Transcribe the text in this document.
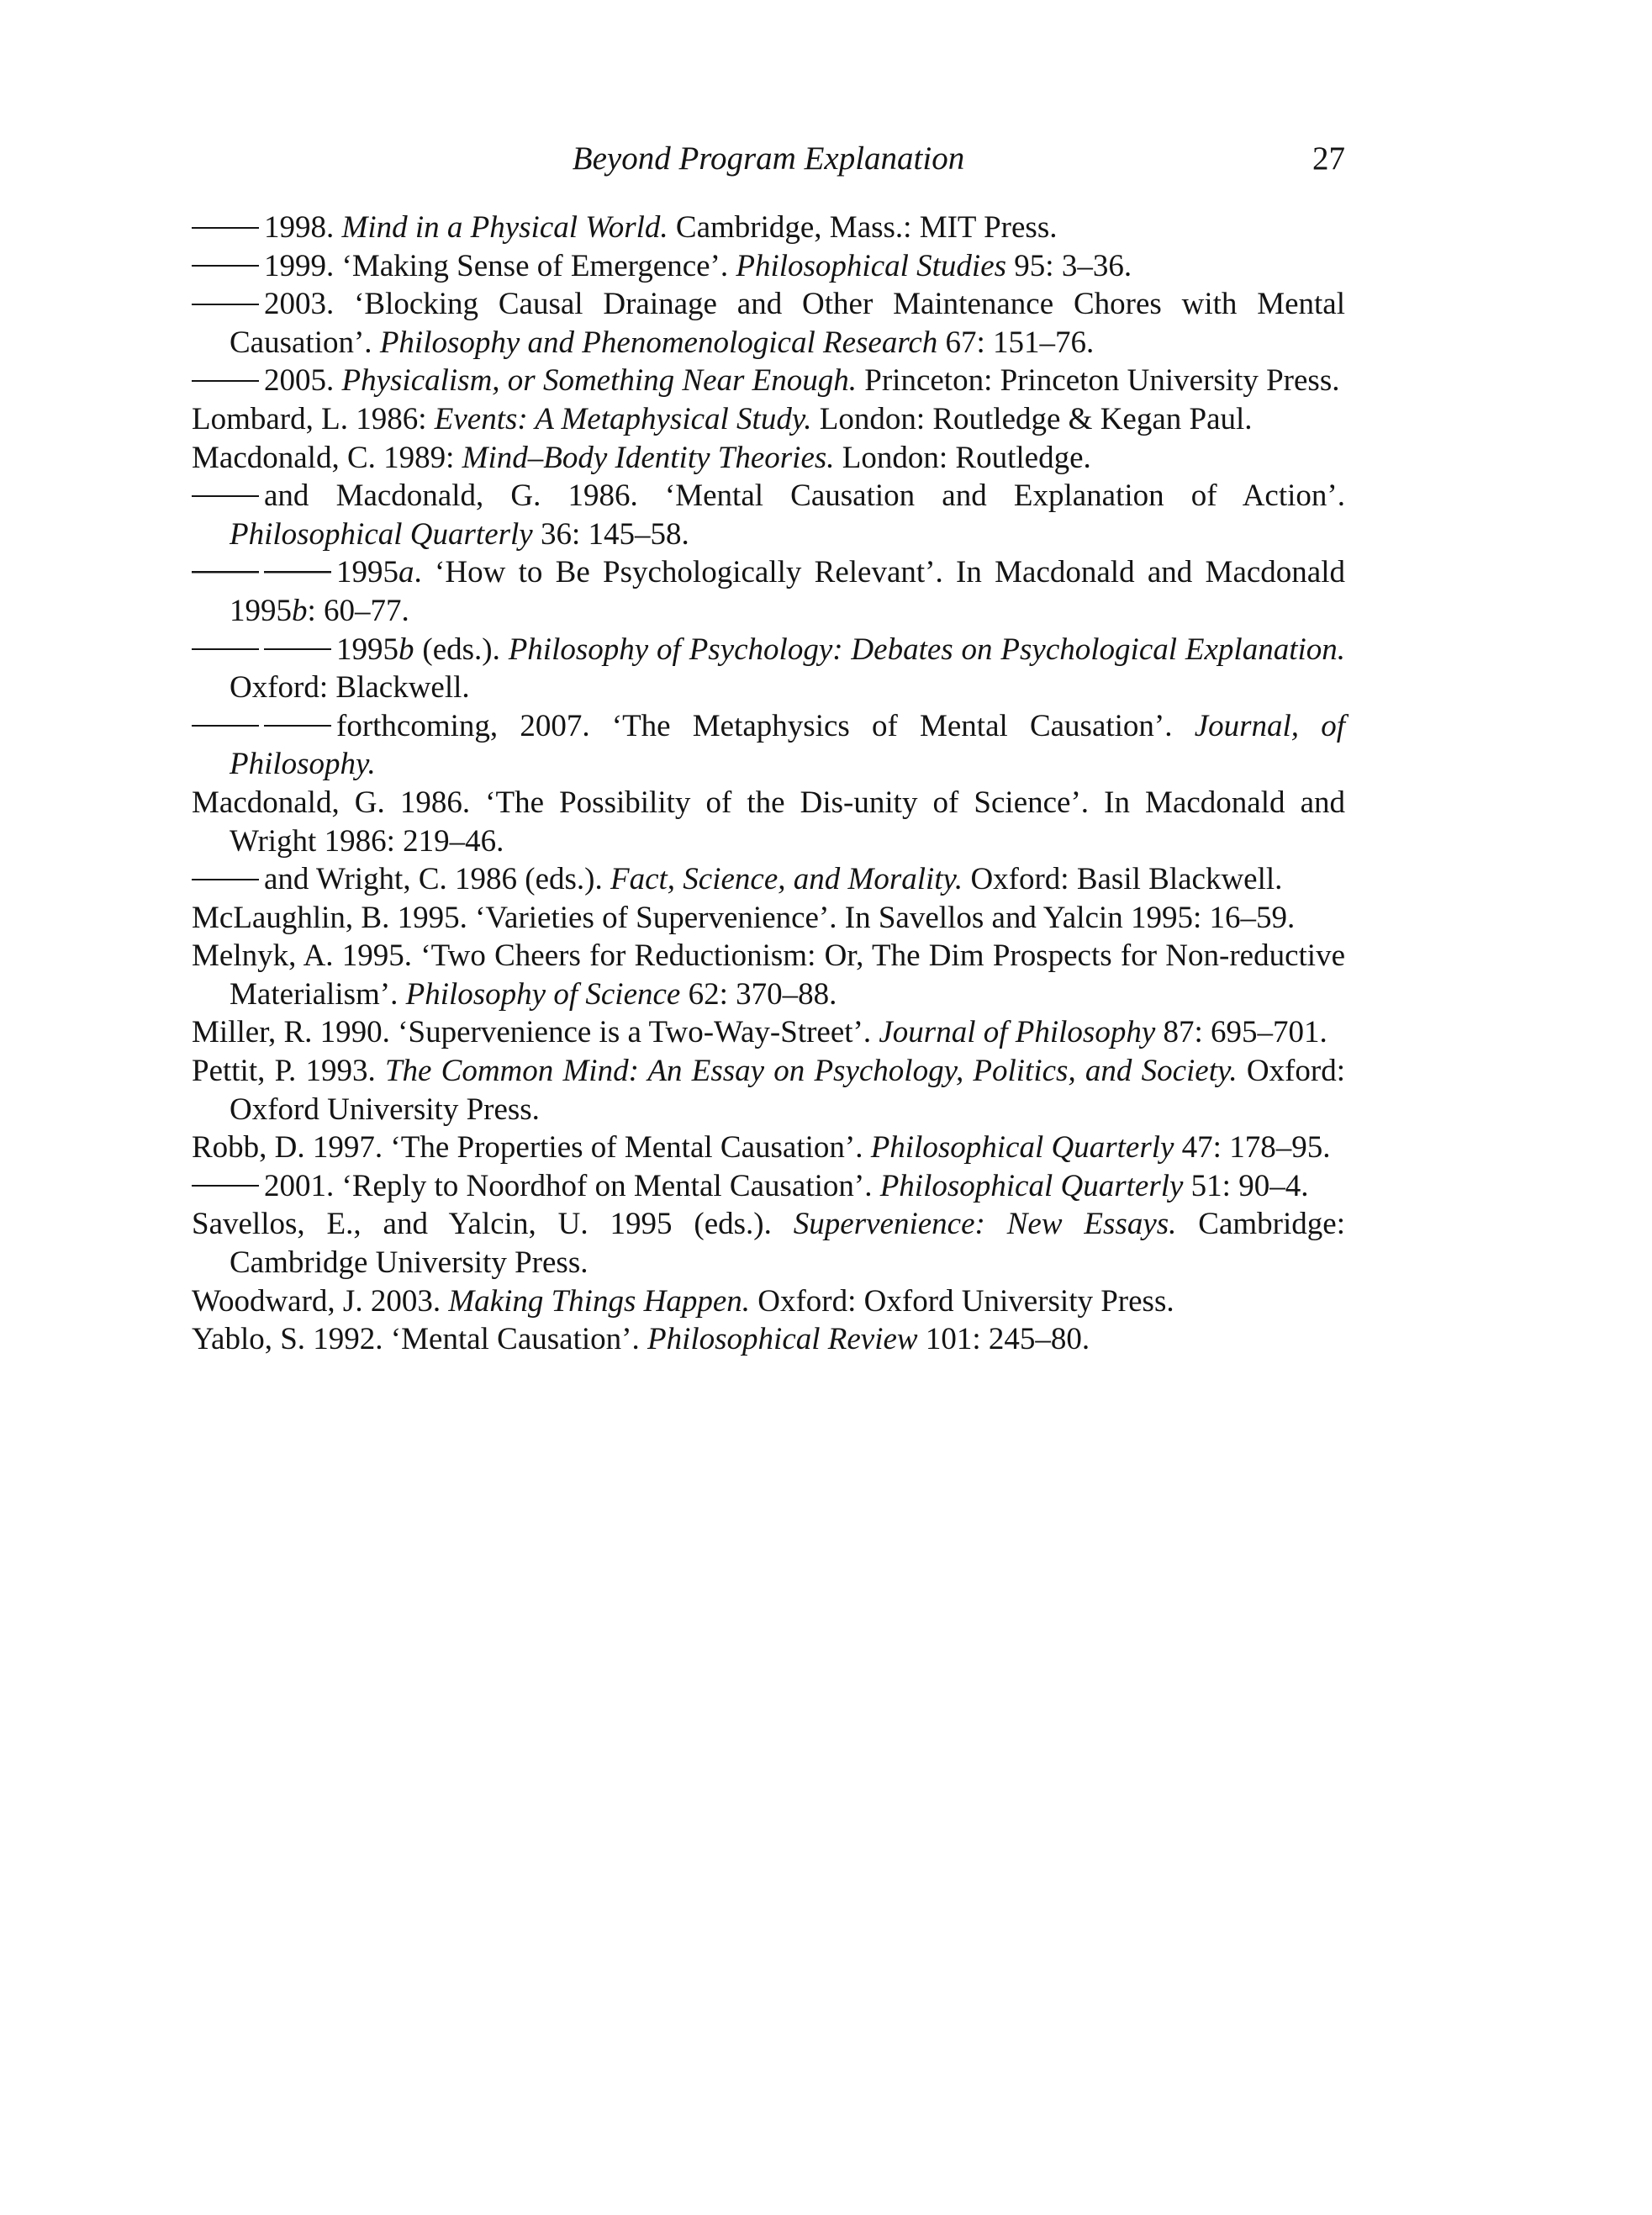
Beyond Program Explanation	27
1998. Mind in a Physical World. Cambridge, Mass.: MIT Press.
1999. ‘Making Sense of Emergence’. Philosophical Studies 95: 3–36.
2003. ‘Blocking Causal Drainage and Other Maintenance Chores with Mental Causation’. Philosophy and Phenomenological Research 67: 151–76.
2005. Physicalism, or Something Near Enough. Princeton: Princeton University Press.
Lombard, L. 1986: Events: A Metaphysical Study. London: Routledge & Kegan Paul.
Macdonald, C. 1989: Mind–Body Identity Theories. London: Routledge.
and Macdonald, G. 1986. ‘Mental Causation and Explanation of Action’. Philosophical Quarterly 36: 145–58.
1995a. ‘How to Be Psychologically Relevant’. In Macdonald and Macdonald 1995b: 60–77.
1995b (eds.). Philosophy of Psychology: Debates on Psychological Explanation. Oxford: Blackwell.
forthcoming, 2007. ‘The Metaphysics of Mental Causation’. Journal, of Philosophy.
Macdonald, G. 1986. ‘The Possibility of the Dis-unity of Science’. In Macdonald and Wright 1986: 219–46.
and Wright, C. 1986 (eds.). Fact, Science, and Morality. Oxford: Basil Blackwell.
McLaughlin, B. 1995. ‘Varieties of Supervenience’. In Savellos and Yalcin 1995: 16–59.
Melnyk, A. 1995. ‘Two Cheers for Reductionism: Or, The Dim Prospects for Non-reductive Materialism’. Philosophy of Science 62: 370–88.
Miller, R. 1990. ‘Supervenience is a Two-Way-Street’. Journal of Philosophy 87: 695–701.
Pettit, P. 1993. The Common Mind: An Essay on Psychology, Politics, and Society. Oxford: Oxford University Press.
Robb, D. 1997. ‘The Properties of Mental Causation’. Philosophical Quarterly 47: 178–95.
2001. ‘Reply to Noordhof on Mental Causation’. Philosophical Quarterly 51: 90–4.
Savellos, E., and Yalcin, U. 1995 (eds.). Supervenience: New Essays. Cambridge: Cambridge University Press.
Woodward, J. 2003. Making Things Happen. Oxford: Oxford University Press.
Yablo, S. 1992. ‘Mental Causation’. Philosophical Review 101: 245–80.
